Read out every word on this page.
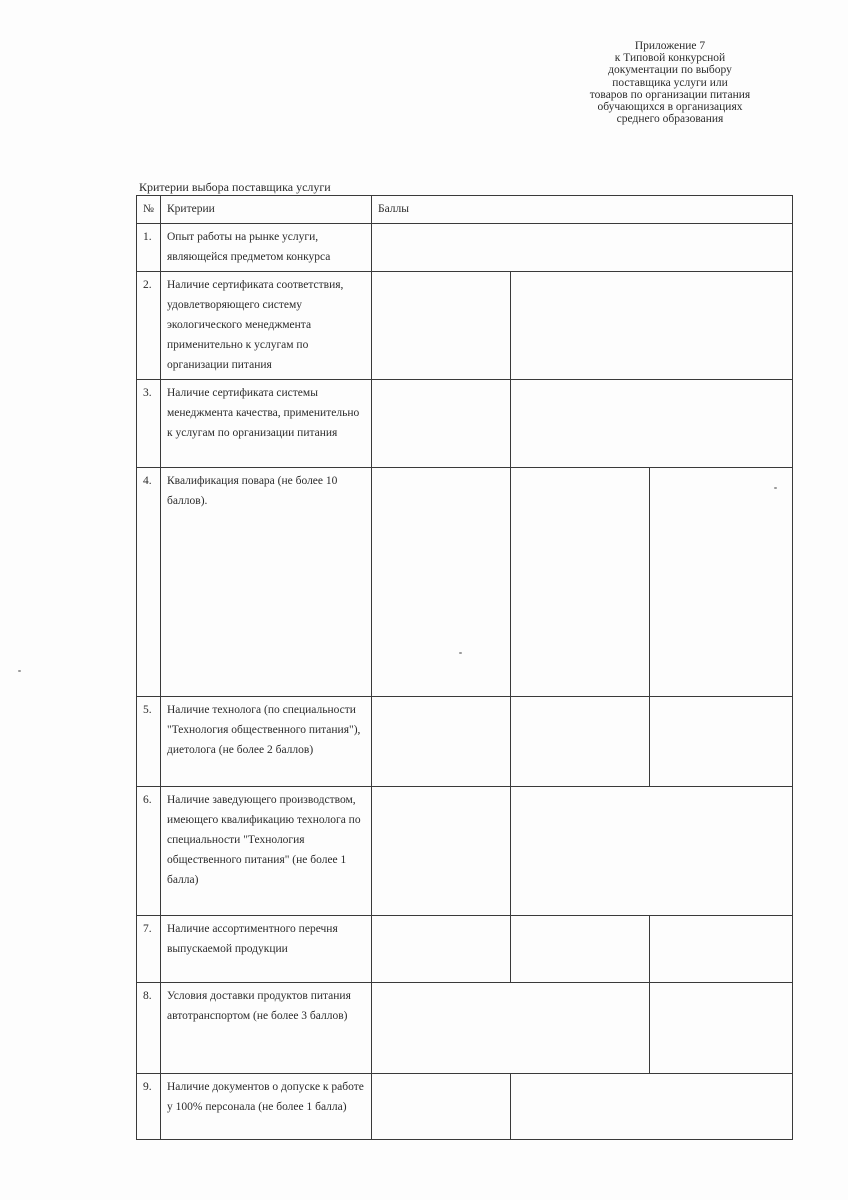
Приложение 7
к Типовой конкурсной
документации по выбору
поставщика услуги или
товаров по организации питания
обучающихся в организациях
среднего образования
Критерии выбора поставщика услуги
№	Критерии	Баллы		
1.	Опыт работы на рынке услуги, являющейся предметом конкурса			
2.	Наличие сертификата соответствия, удовлетворяющего систему экологического менеджмента применительно к услугам по организации питания			
3.	Наличие сертификата системы менеджмента качества, применительно к услугам по организации питания			
4.	Квалификация повара (не более 10 баллов).			
5.	Наличие технолога (по специальности "Технология общественного питания"), диетолога (не более 2 баллов)			
6.	Наличие заведующего производством, имеющего квалификацию технолога по специальности "Технология общественного питания" (не более 1 балла)			
7.	Наличие ассортиментного перечня выпускаемой продукции			
8.	Условия доставки продуктов питания автотранспортом (не более 3 баллов)			
9.	Наличие документов о допуске к работе у 100% персонала (не более 1 балла)			
